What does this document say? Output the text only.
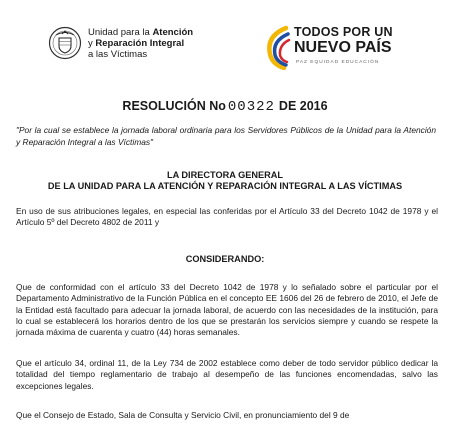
Unidad para la Atención
y Reparación Integral
a las Víctimas
TODOS POR UN
NUEVO PAÍS
PAZ EQUIDAD EDUCACIÓN
RESOLUCIÓN No 00322 DE 2016
"Por la cual se establece la jornada laboral ordinaria para los Servidores Públicos de la Unidad para la Atención y Reparación Integral a las Víctimas"
LA DIRECTORA GENERAL
DE LA UNIDAD PARA LA ATENCIÓN Y REPARACIÓN INTEGRAL A LAS VÍCTIMAS

En uso de sus atribuciones legales, en especial las conferidas por el Artículo 33 del Decreto 1042 de 1978 y el Artículo 5º del Decreto 4802 de 2011 y

CONSIDERANDO:

Que de conformidad con el artículo 33 del Decreto 1042 de 1978 y lo señalado sobre el particular por el Departamento Administrativo de la Función Pública en el concepto EE 1606 del 26 de febrero de 2010, el Jefe de la Entidad está facultado para adecuar la jornada laboral, de acuerdo con las necesidades de la institución, para lo cual se establecerá los horarios dentro de los que se prestarán los servicios siempre y cuando se respete la jornada máxima de cuarenta y cuatro (44) horas semanales.

Que el artículo 34, ordinal 11, de la Ley 734 de 2002 establece como deber de todo servidor público dedicar la totalidad del tiempo reglamentario de trabajo al desempeño de las funciones encomendadas, salvo las excepciones legales.

Que el Consejo de Estado, Sala de Consulta y Servicio Civil, en pronunciamiento del 9 de
